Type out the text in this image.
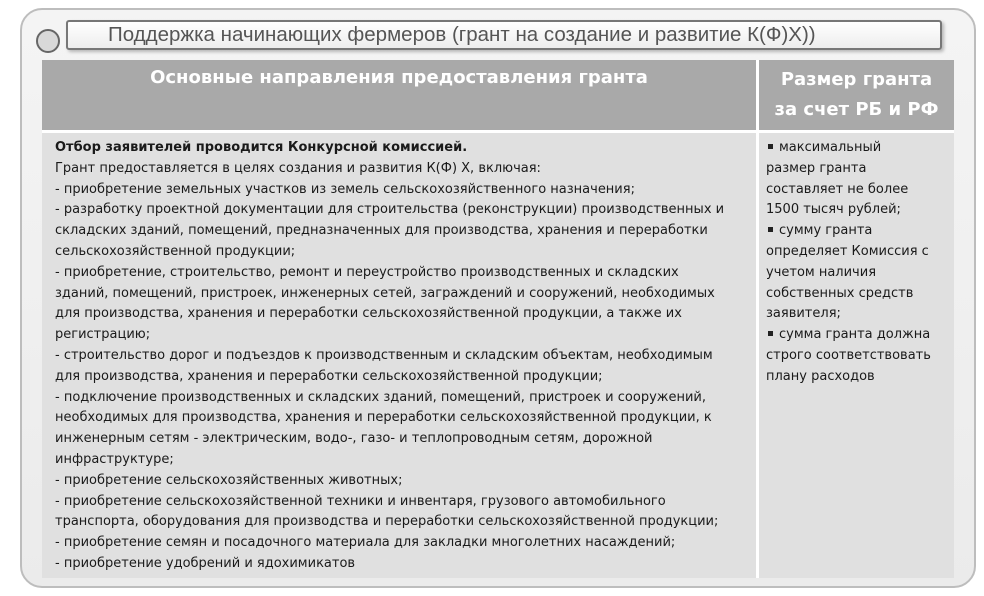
Поддержка начинающих фермеров (грант на создание и развитие К(Ф)Х))
Основные направления предоставления гранта	Размер гранта
за счет РБ и РФ
Отбор заявителей проводится Конкурсной комиссией.
Грант предоставляется в целях создания и развития К(Ф) Х, включая:
- приобретение земельных участков из земель сельскохозяйственного назначения;
- разработку проектной документации для строительства (реконструкции) производственных и
складских зданий, помещений, предназначенных для производства, хранения и переработки
сельскохозяйственной продукции;
- приобретение, строительство, ремонт и переустройство производственных и складских
зданий, помещений, пристроек, инженерных сетей, заграждений и сооружений, необходимых
для производства, хранения и переработки сельскохозяйственной продукции, а также их
регистрацию;
- строительство дорог и подъездов к производственным и складским объектам, необходимым
для производства, хранения и переработки сельскохозяйственной продукции;
- подключение производственных и складских зданий, помещений, пристроек и сооружений,
необходимых для производства, хранения и переработки сельскохозяйственной продукции, к
инженерным сетям - электрическим, водо-, газо- и теплопроводным сетям, дорожной
инфраструктуре;
- приобретение сельскохозяйственных животных;
- приобретение сельскохозяйственной техники и инвентаря, грузового автомобильного
транспорта, оборудования для производства и переработки сельскохозяйственной продукции;
- приобретение семян и посадочного материала для закладки многолетних насаждений;
- приобретение удобрений и ядохимикатов
максимальный
размер гранта
составляет не более
1500 тысяч рублей;
сумму гранта
определяет Комиссия с
учетом наличия
собственных средств
заявителя;
сумма гранта должна
строго соответствовать
плану расходов
